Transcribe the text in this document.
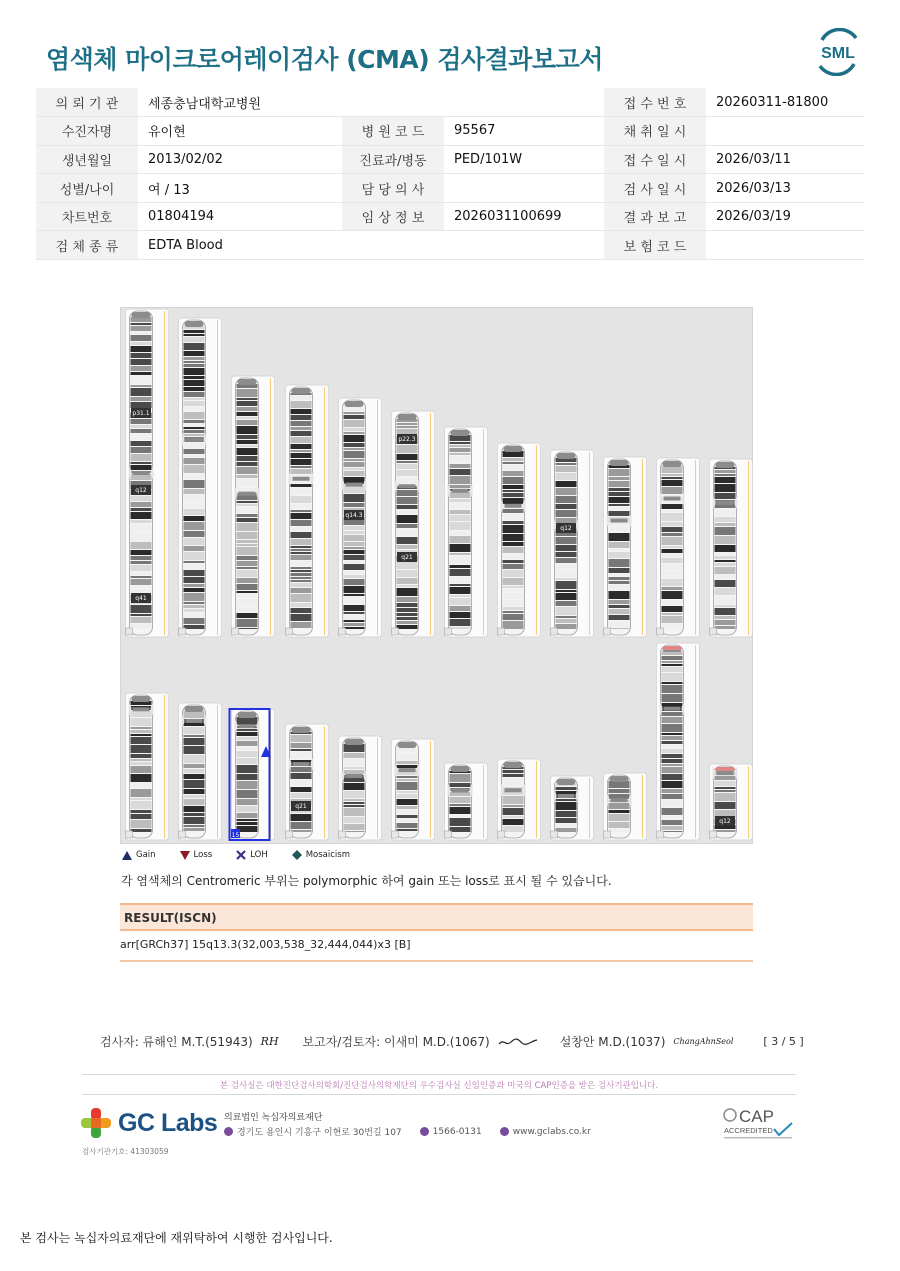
염색체 마이크로어레이검사 (CMA) 검사결과보고서	SML
의 뢰 기 관	세종충남대학교병원			접 수 번 호	20260311-81800
수진자명	유이현	병 원 코 드	95567	채 취 일 시	
생년월일	2013/02/02	진료과/병동	PED/101W	접 수 일 시	2026/03/11
성별/나이	여 / 13	담 당 의 사		검 사 일 시	2026/03/13
차트번호	01804194	임 상 정 보	2026031100699	결 과 보 고	2026/03/19
검 체 종 류	EDTA Blood			보 험 코 드	
p31.1
q12
q41
p22.3
q14.3
q21
q12
q21
q12
15
Gain	Loss	LOH	Mosaicism
각 염색체의 Centromeric 부위는 polymorphic 하여 gain 또는 loss로 표시 될 수 있습니다.
RESULT(ISCN)
arr[GRCh37] 15q13.3(32,003,538_32,444,044)x3 [B]
검사자: 류해인 M.T.(51943) RH 보고자/검토자: 이새미 M.D.(1067)	설창안 M.D.(1037) ChangAhnSeol	[ 3 / 5 ]
본 검사실은 대한진단검사의학회/진단검사의학재단의 우수검사실 신임인증과 미국의 CAP인증을 받은 검사기관입니다.
GC Labs
검사기관기호: 41303059
의료법인 녹십자의료재단
경기도 용인시 기흥구 이현로 30번길 107	1566-0131	www.gclabs.co.kr
CAP
ACCREDITED
본 검사는 녹십자의료재단에 재위탁하여 시행한 검사입니다.
